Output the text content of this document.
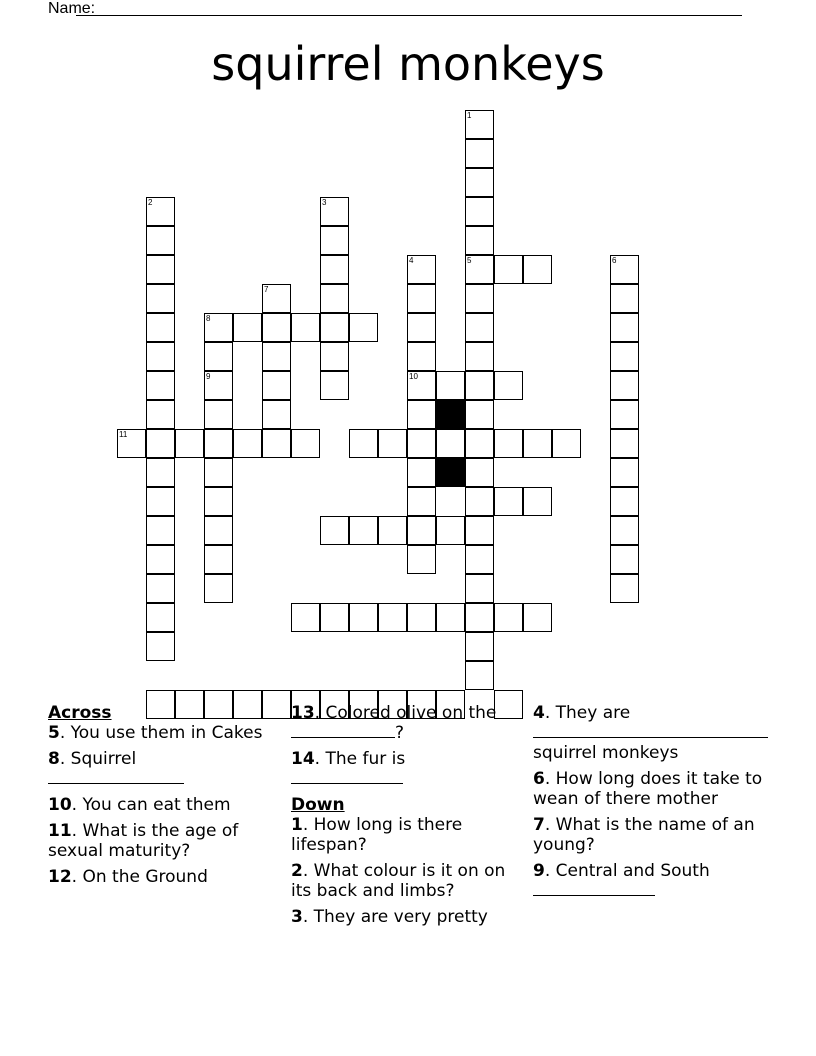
Name:
squirrel monkeys
1
5
2	3
4
10
6
7
8
9
11
Across
5. You use them in Cakes
8. Squirrel

10. You can eat them
11. What is the age of sexual maturity?
12. On the Ground
13. Colored olive on the ?
14. The fur is

Down
1. How long is there lifespan?
2. What colour is it on on its back and limbs?
3. They are very pretty
4. They are

squirrel monkeys
6. How long does it take to wean of there mother
7. What is the name of an young?
9. Central and South
